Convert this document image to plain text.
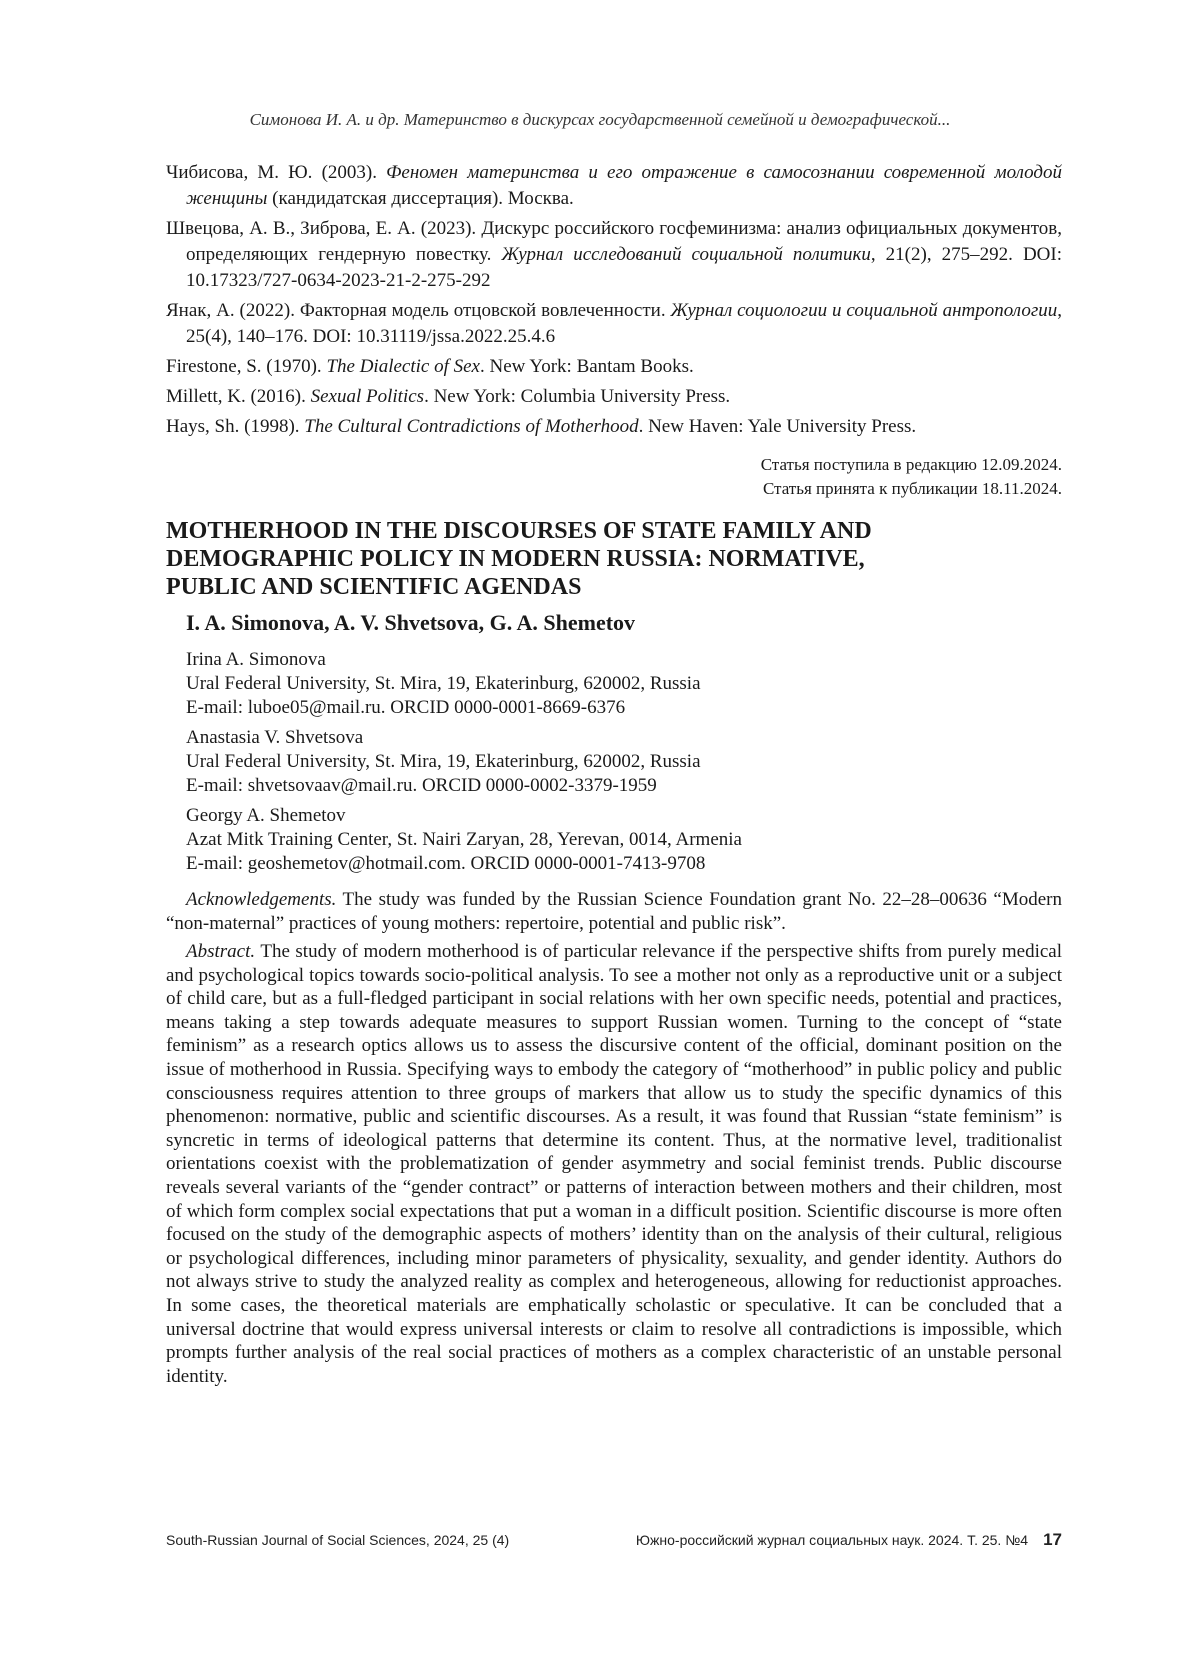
Симонова И. А. и др. Материнство в дискурсах государственной семейной и демографической...

Чибисова, М. Ю. (2003). Феномен материнства и его отражение в самосознании современной молодой женщины (кандидатская диссертация). Москва.

Швецова, А. В., Зиброва, Е. А. (2023). Дискурс российского госфеминизма: анализ официальных документов, определяющих гендерную повестку. Журнал исследований социальной политики, 21(2), 275–292. DOI: 10.17323/727-0634-2023-21-2-275-292

Янак, А. (2022). Факторная модель отцовской вовлеченности. Журнал социологии и социальной антропологии, 25(4), 140–176. DOI: 10.31119/jssa.2022.25.4.6

Firestone, S. (1970). The Dialectic of Sex. New York: Bantam Books.

Millett, K. (2016). Sexual Politics. New York: Columbia University Press.

Hays, Sh. (1998). The Cultural Contradictions of Motherhood. New Haven: Yale University Press.

Статья поступила в редакцию 12.09.2024.
Статья принята к публикации 18.11.2024.
MOTHERHOOD IN THE DISCOURSES OF STATE FAMILY AND DEMOGRAPHIC POLICY IN MODERN RUSSIA: NORMATIVE, PUBLIC AND SCIENTIFIC AGENDAS
I. A. Simonova, A. V. Shvetsova, G. A. Shemetov
Irina A. Simonova
Ural Federal University, St. Mira, 19, Ekaterinburg, 620002, Russia
E-mail: luboe05@mail.ru. ORCID 0000-0001-8669-6376
Anastasia V. Shvetsova
Ural Federal University, St. Mira, 19, Ekaterinburg, 620002, Russia
E-mail: shvetsovaav@mail.ru. ORCID 0000-0002-3379-1959
Georgy A. Shemetov
Azat Mitk Training Center, St. Nairi Zaryan, 28, Yerevan, 0014, Armenia
E-mail: geoshemetov@hotmail.com. ORCID 0000-0001-7413-9708

Acknowledgements. The study was funded by the Russian Science Foundation grant No. 22–28–00636 “Modern “non-maternal” practices of young mothers: repertoire, potential and public risk”.

Abstract. The study of modern motherhood is of particular relevance if the perspective shifts from purely medical and psychological topics towards socio-political analysis. To see a mother not only as a reproductive unit or a subject of child care, but as a full-fledged participant in social relations with her own specific needs, potential and practices, means taking a step towards adequate measures to support Russian women. Turning to the concept of “state feminism” as a research optics allows us to assess the discursive content of the official, dominant position on the issue of motherhood in Russia. Specifying ways to embody the category of “motherhood” in public policy and public consciousness requires attention to three groups of markers that allow us to study the specific dynamics of this phenomenon: normative, public and scientific discourses. As a result, it was found that Russian “state feminism” is syncretic in terms of ideological patterns that determine its content. Thus, at the normative level, traditionalist orientations coexist with the problematization of gender asymmetry and social feminist trends. Public discourse reveals several variants of the “gender contract” or patterns of interaction between mothers and their children, most of which form complex social expectations that put a woman in a difficult position. Scientific discourse is more often focused on the study of the demographic aspects of mothers’ identity than on the analysis of their cultural, religious or psychological differences, including minor parameters of physicality, sexuality, and gender identity. Authors do not always strive to study the analyzed reality as complex and heterogeneous, allowing for reductionist approaches. In some cases, the theoretical materials are emphatically scholastic or speculative. It can be concluded that a universal doctrine that would express universal interests or claim to resolve all contradictions is impossible, which prompts further analysis of the real social practices of mothers as a complex characteristic of an unstable personal identity.

South-Russian Journal of Social Sciences, 2024, 25 (4)	Южно-российский журнал социальных наук. 2024. Т. 25. №4 17
